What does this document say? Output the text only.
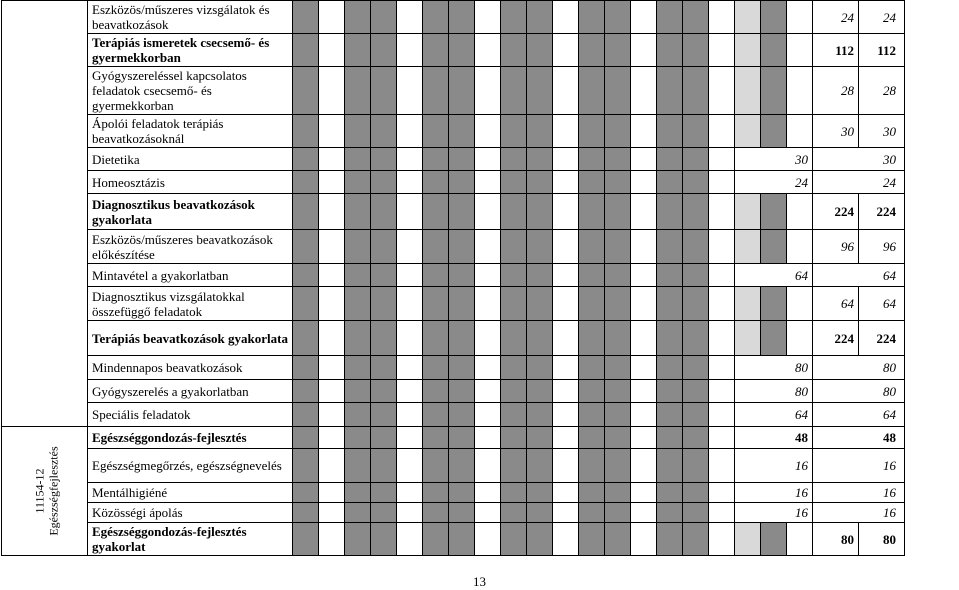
	Eszközös/műszeres vizsgálatok és beavatkozások																					24	24
	Terápiás ismeretek csecsemő- és gyermekkorban																					112	112
	Gyógyszereléssel kapcsolatos feladatok csecsemő- és gyermekkorban																					28	28
	Ápolói feladatok terápiás beavatkozásoknál																					30	30
	Dietetika																		30			30	
	Homeosztázis																		24			24	
	Diagnosztikus beavatkozások gyakorlata																					224	224
	Eszközös/műszeres beavatkozások előkészítése																					96	96
	Mintavétel a gyakorlatban																		64			64	
	Diagnosztikus vizsgálatokkal összefüggő feladatok																					64	64
	Terápiás beavatkozások gyakorlata																					224	224
	Mindennapos beavatkozások																		80			80	
	Gyógyszerelés a gyakorlatban																		80			80	
	Speciális feladatok																		64			64	

11154-12 Egészségfejlesztés	Egészséggondozás-fejlesztés																		48			48	
	Egészségmegőrzés, egészségnevelés																		16			16	
	Mentálhigiéné																		16			16	
	Közösségi ápolás																		16			16	
	Egészséggondozás-fejlesztés gyakorlat																					80	80
13
